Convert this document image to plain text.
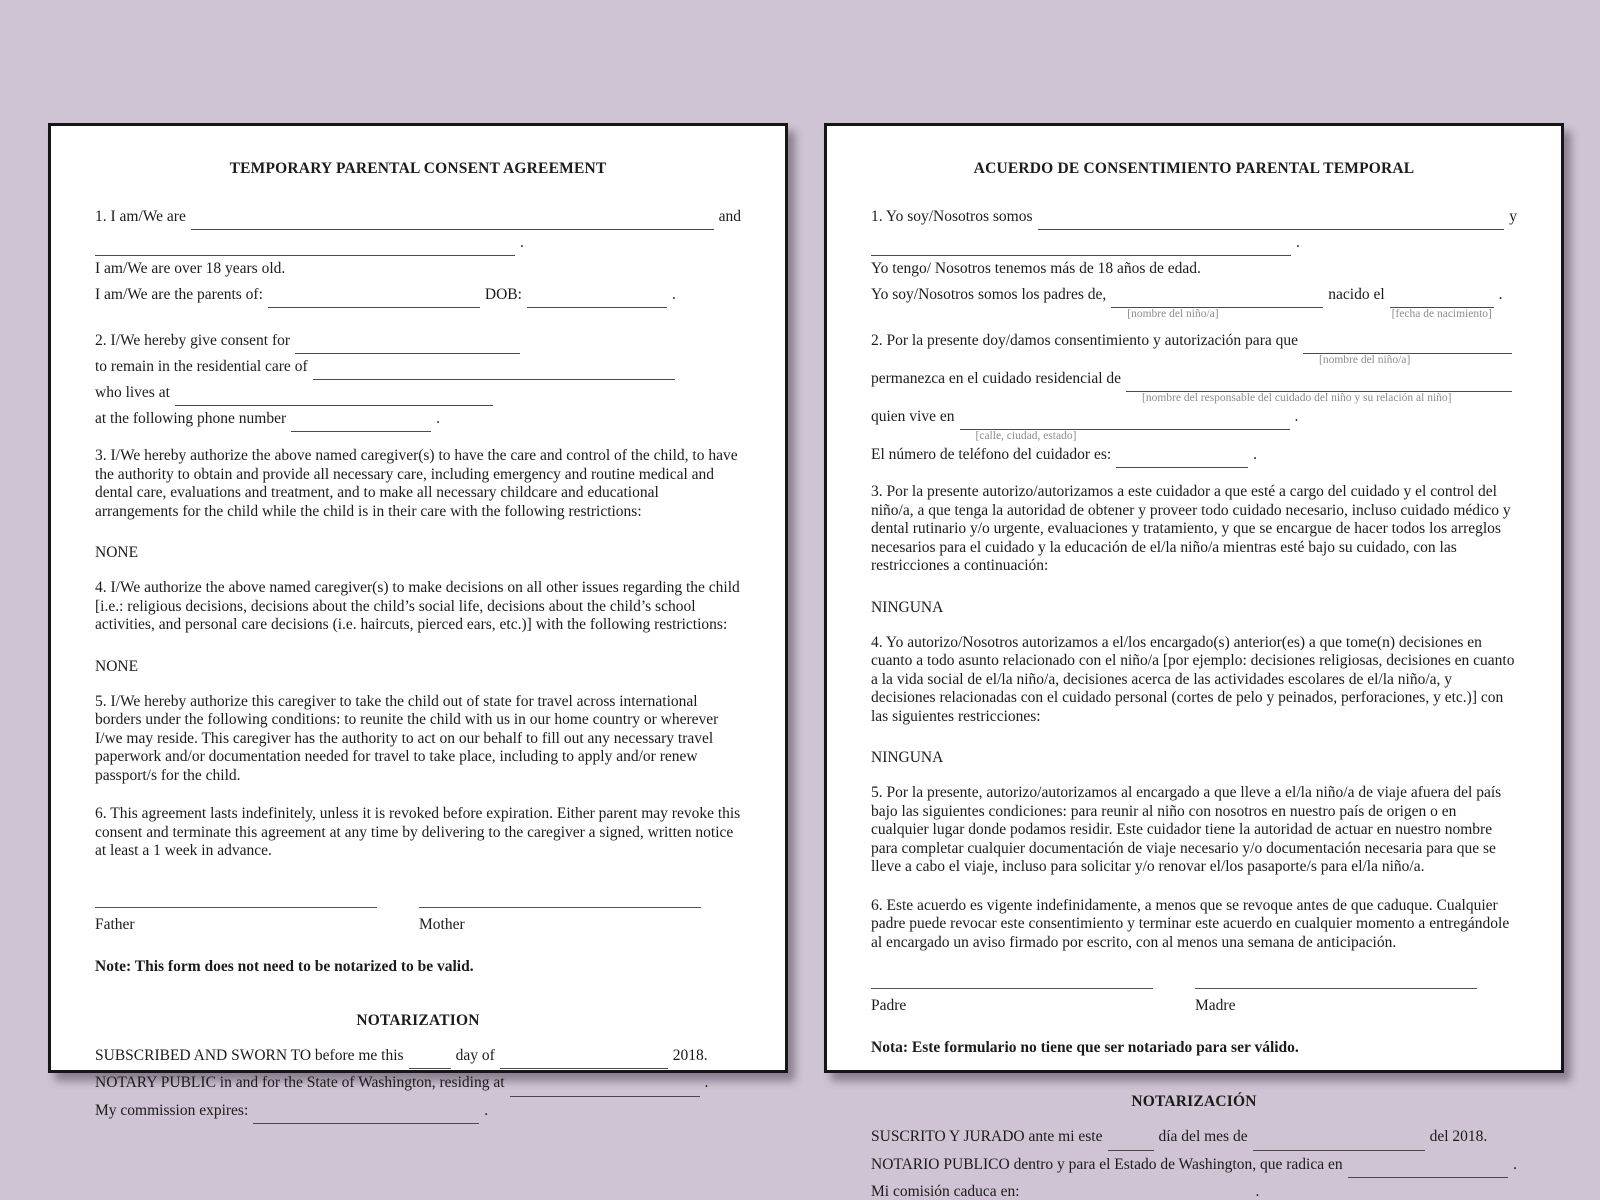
TEMPORARY PARENTAL CONSENT AGREEMENT
1. I am/We are	and
.
I am/We are over 18 years old.
I am/We are the parents of:	DOB:	.
2. I/We hereby give consent for
to remain in the residential care of
who lives at
at the following phone number	.

3. I/We hereby authorize the above named caregiver(s) to have the care and control of the child, to have the authority to obtain and provide all necessary care, including emergency and routine medical and dental care, evaluations and treatment, and to make all necessary childcare and educational arrangements for the child while the child is in their care with the following restrictions:

NONE

4. I/We authorize the above named caregiver(s) to make decisions on all other issues regarding the child [i.e.: religious decisions, decisions about the child’s social life, decisions about the child’s school activities, and personal care decisions (i.e. haircuts, pierced ears, etc.)] with the following restrictions:

NONE

5. I/We hereby authorize this caregiver to take the child out of state for travel across international borders under the following conditions: to reunite the child with us in our home country or wherever I/we may reside. This caregiver has the authority to act on our behalf to fill out any necessary travel paperwork and/or documentation needed for travel to take place, including to apply and/or renew passport/s for the child.

6. This agreement lasts indefinitely, unless it is revoked before expiration. Either parent may revoke this consent and terminate this agreement at any time by delivering to the caregiver a signed, written notice at least a 1 week in advance.

Father	Mother
Note: This form does not need to be notarized to be valid.
NOTARIZATION
SUBSCRIBED AND SWORN TO before me this	day of	2018.
NOTARY PUBLIC in and for the State of Washington, residing at	.
My commission expires:	.
ACUERDO DE CONSENTIMIENTO PARENTAL TEMPORAL
1. Yo soy/Nosotros somos	y
.
Yo tengo/ Nosotros tenemos más de 18 años de edad.
Yo soy/Nosotros somos los padres de,
[nombre del niño/a]
nacido el
[fecha de nacimiento]
.
2. Por la presente doy/damos consentimiento y autorización para que
[nombre del niño/a]
permanezca en el cuidado residencial de
[nombre del responsable del cuidado del niño y su relación al niño]
quien vive en
[calle, ciudad, estado]
.
El número de teléfono del cuidador es:	.

3. Por la presente autorizo/autorizamos a este cuidador a que esté a cargo del cuidado y el control del niño/a, a que tenga la autoridad de obtener y proveer todo cuidado necesario, incluso cuidado médico y dental rutinario y/o urgente, evaluaciones y tratamiento, y que se encargue de hacer todos los arreglos necesarios para el cuidado y la educación de el/la niño/a mientras esté bajo su cuidado, con las restricciones a continuación:

NINGUNA

4. Yo autorizo/Nosotros autorizamos a el/los encargado(s) anterior(es) a que tome(n) decisiones en cuanto a todo asunto relacionado con el niño/a [por ejemplo: decisiones religiosas, decisiones en cuanto a la vida social de el/la niño/a, decisiones acerca de las actividades escolares de el/la niño/a, y decisiones relacionadas con el cuidado personal (cortes de pelo y peinados, perforaciones, y etc.)] con las siguientes restricciones:

NINGUNA

5. Por la presente, autorizo/autorizamos al encargado a que lleve a el/la niño/a de viaje afuera del país bajo las siguientes condiciones: para reunir al niño con nosotros en nuestro país de origen o en cualquier lugar donde podamos residir. Este cuidador tiene la autoridad de actuar en nuestro nombre para completar cualquier documentación de viaje necesario y/o documentación necesaria para que se lleve a cabo el viaje, incluso para solicitar y/o renovar el/los pasaporte/s para el/la niño/a.

6. Este acuerdo es vigente indefinidamente, a menos que se revoque antes de que caduque. Cualquier padre puede revocar este consentimiento y terminar este acuerdo en cualquier momento a entregándole al encargado un aviso firmado por escrito, con al menos una semana de anticipación.

Padre	Madre
Nota: Este formulario no tiene que ser notariado para ser válido.
NOTARIZACIÓN
SUSCRITO Y JURADO ante mi este	día del mes de	del 2018.
NOTARIO PUBLICO dentro y para el Estado de Washington, que radica en	.
Mi comisión caduca en:	.
